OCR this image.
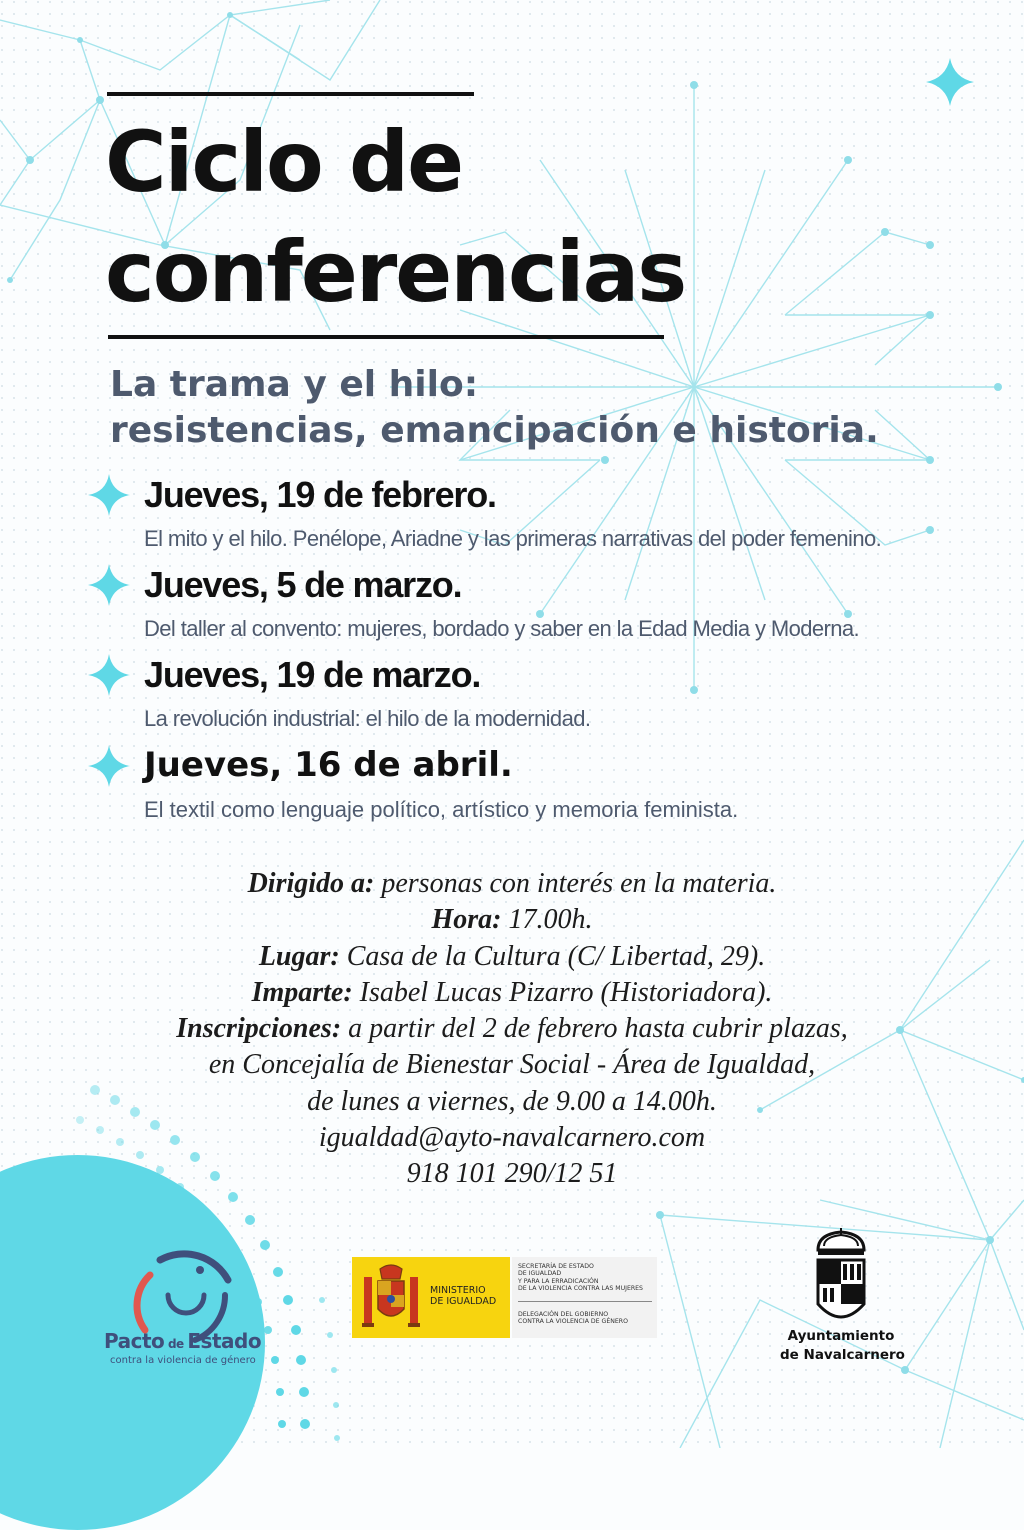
Ciclo de
conferencias
La trama y el hilo:
resistencias, emancipación e historia.
Jueves, 19 de febrero.
El mito y el hilo. Penélope, Ariadne y las primeras narrativas del poder femenino.
Jueves, 5 de marzo.
Del taller al convento: mujeres, bordado y saber en la Edad Media y Moderna.
Jueves, 19 de marzo.
La revolución industrial: el hilo de la modernidad.
Jueves, 16 de abril.
El textil como lenguaje político, artístico y memoria feminista.

Dirigido a: personas con interés en la materia.

Hora: 17.00h.

Lugar: Casa de la Cultura (C/ Libertad, 29).

Imparte: Isabel Lucas Pizarro (Historiadora).

Inscripciones: a partir del 2 de febrero hasta cubrir plazas,

en Concejalía de Bienestar Social - Área de Igualdad,

de lunes a viernes, de 9.00 a 14.00h.

igualdad@ayto-navalcarnero.com

918 101 290/12 51

Pacto de Estado
contra la violencia de género
MINISTERIO
DE IGUALDAD
SECRETARÍA DE ESTADO
DE IGUALDAD
Y PARA LA ERRADICACIÓN
DE LA VIOLENCIA CONTRA LAS MUJERES
DELEGACIÓN DEL GOBIERNO
CONTRA LA VIOLENCIA DE GÉNERO
Ayuntamiento
de Navalcarnero
